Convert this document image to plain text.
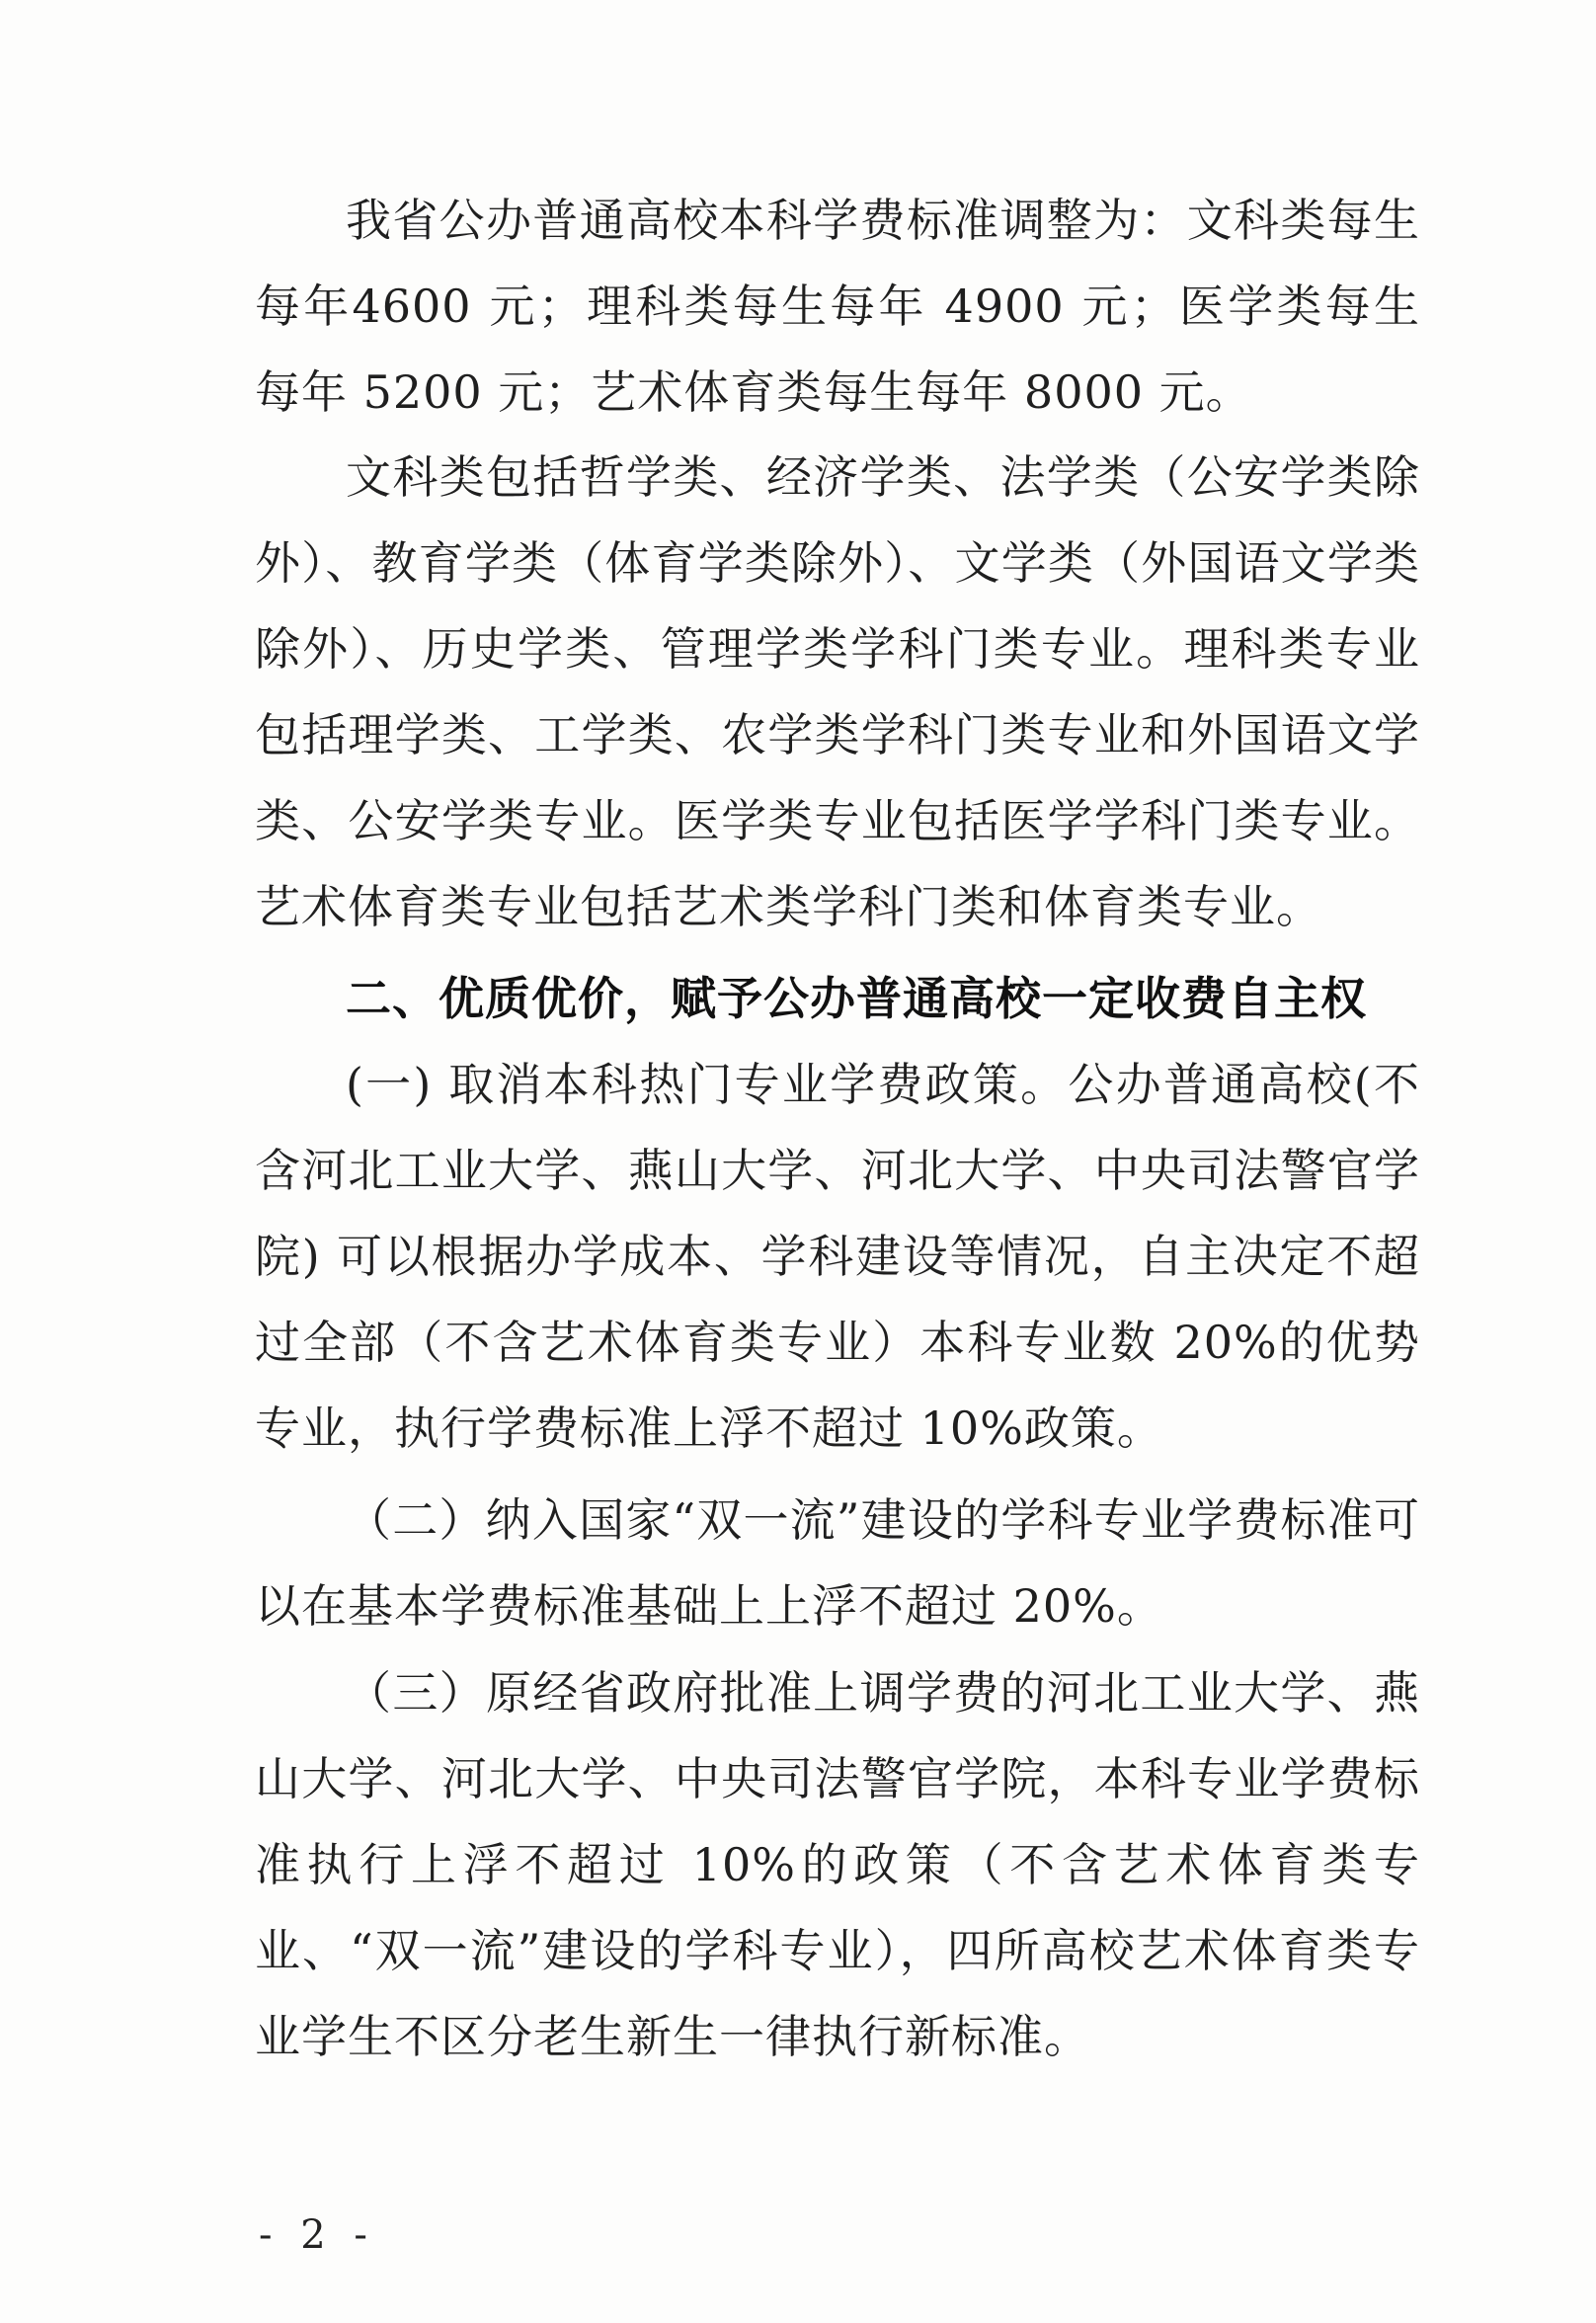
我省公办普通高校本科学费标准调整为：文科类每生每年4600 元；理科类每生每年 4900 元；医学类每生每年 5200 元；艺术体育类每生每年 8000 元。

文科类包括哲学类、经济学类、法学类（公安学类除外）、教育学类（体育学类除外）、文学类（外国语文学类除外）、历史学类、管理学类学科门类专业。理科类专业包括理学类、工学类、农学类学科门类专业和外国语文学类、公安学类专业。医学类专业包括医学学科门类专业。艺术体育类专业包括艺术类学科门类和体育类专业。

二、优质优价，赋予公办普通高校一定收费自主权

(一) 取消本科热门专业学费政策。公办普通高校(不含河北工业大学、燕山大学、河北大学、中央司法警官学院) 可以根据办学成本、学科建设等情况，自主决定不超过全部（不含艺术体育类专业）本科专业数 20%的优势专业，执行学费标准上浮不超过 10%政策。

（二）纳入国家“双一流”建设的学科专业学费标准可以在基本学费标准基础上上浮不超过 20%。

（三）原经省政府批准上调学费的河北工业大学、燕山大学、河北大学、中央司法警官学院，本科专业学费标准执行上浮不超过 10%的政策（不含艺术体育类专业、“双一流”建设的学科专业），四所高校艺术体育类专业学生不区分老生新生一律执行新标准。

- 2 -
